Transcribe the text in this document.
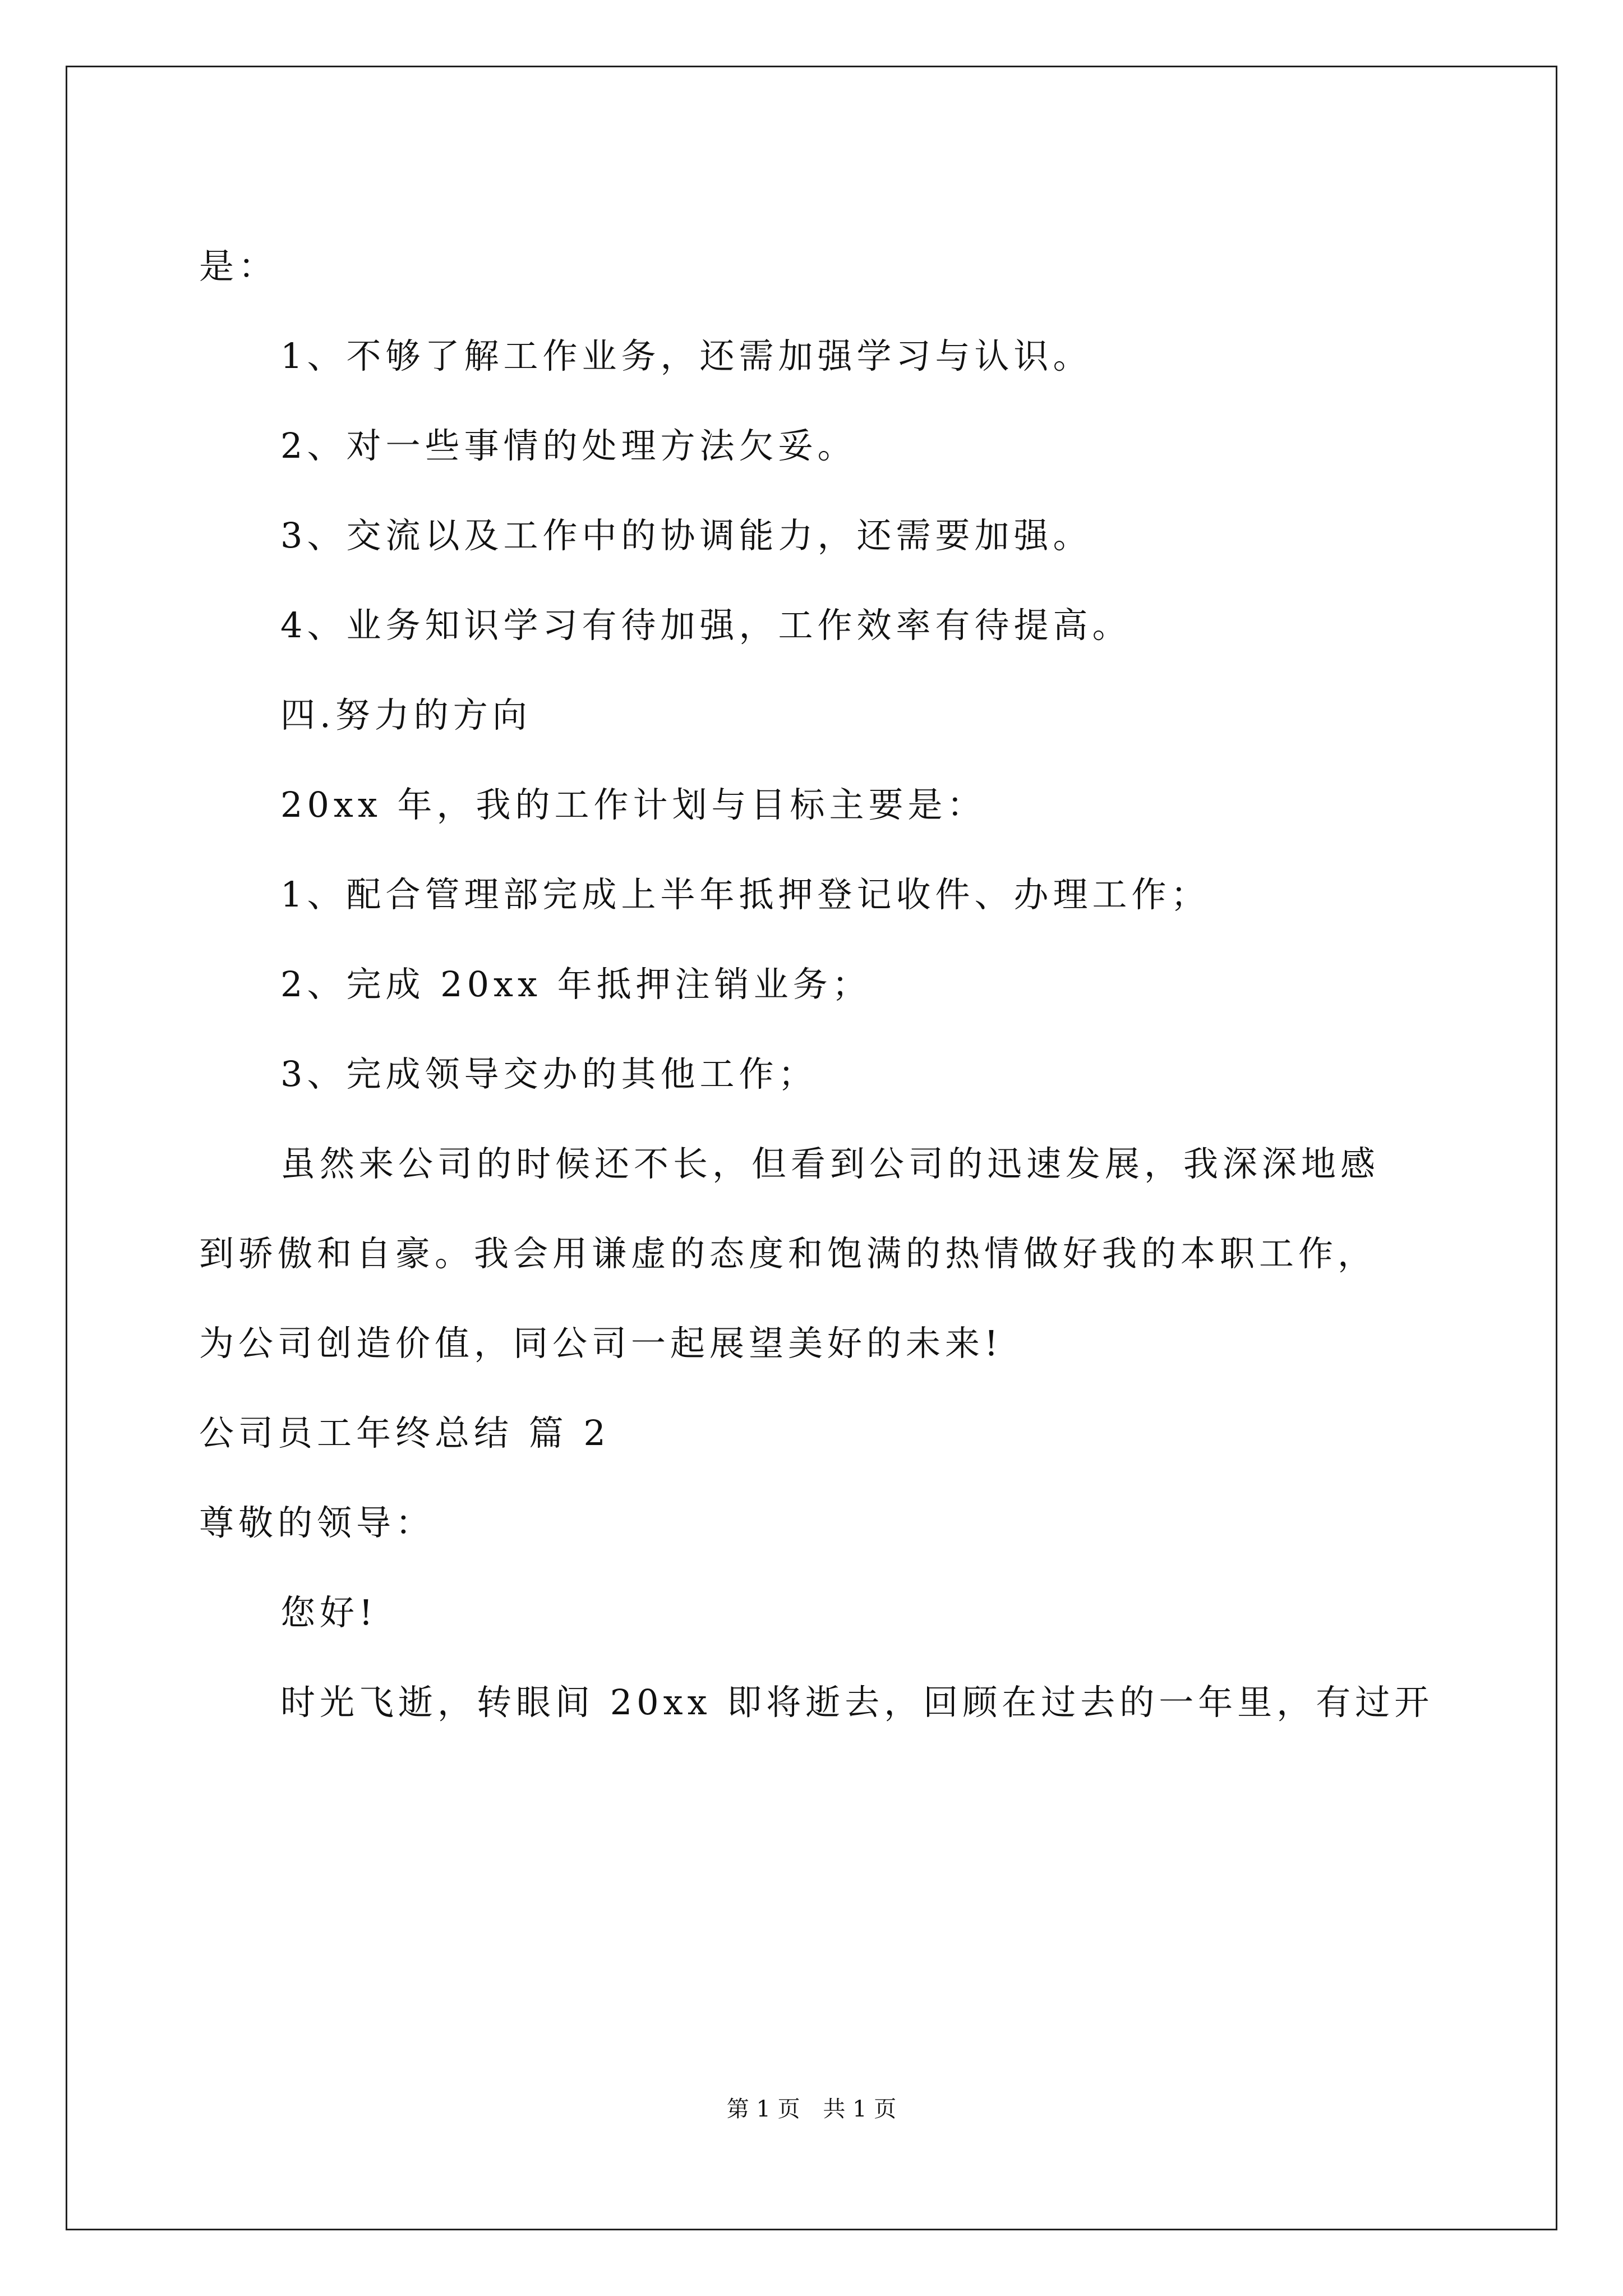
是：
1、不够了解工作业务，还需加强学习与认识。
2、对一些事情的处理方法欠妥。
3、交流以及工作中的协调能力，还需要加强。
4、业务知识学习有待加强，工作效率有待提高。
四.努力的方向
20xx 年，我的工作计划与目标主要是：
1、配合管理部完成上半年抵押登记收件、办理工作；
2、完成 20xx 年抵押注销业务；
3、完成领导交办的其他工作；
虽然来公司的时候还不长，但看到公司的迅速发展，我深深地感
到骄傲和自豪。我会用谦虚的态度和饱满的热情做好我的本职工作，
为公司创造价值，同公司一起展望美好的未来!
公司员工年终总结 篇 2
尊敬的领导：
您好!
时光飞逝，转眼间 20xx 即将逝去，回顾在过去的一年里，有过开
第 1 页 共 1 页
